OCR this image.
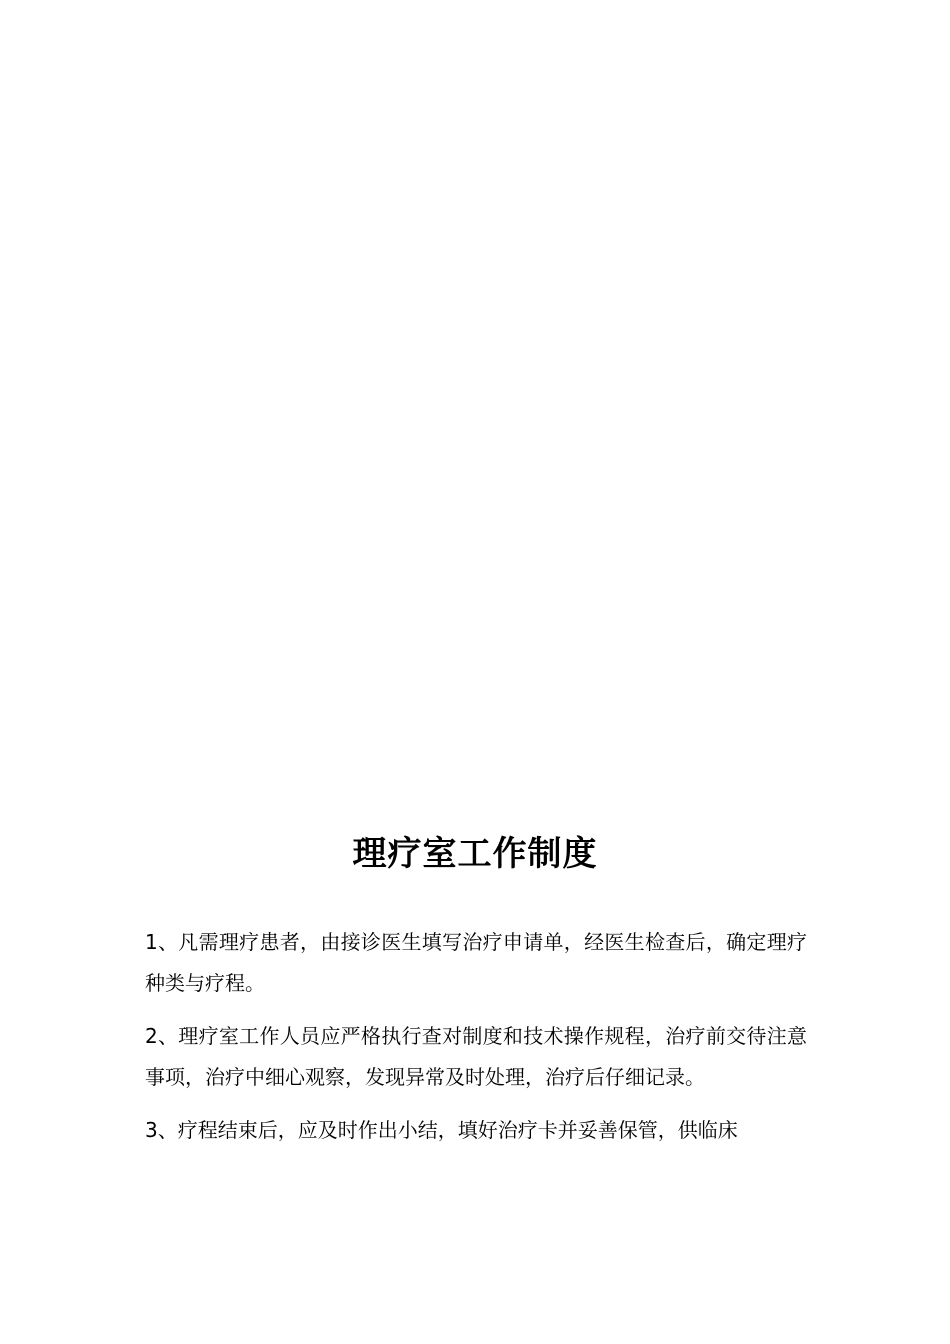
理疗室工作制度

1、凡需理疗患者，由接诊医生填写治疗申请单，经医生检查后，确定理疗种类与疗程。

2、理疗室工作人员应严格执行查对制度和技术操作规程，治疗前交待注意事项，治疗中细心观察，发现异常及时处理，治疗后仔细记录。

3、疗程结束后，应及时作出小结，填好治疗卡并妥善保管，供临床
